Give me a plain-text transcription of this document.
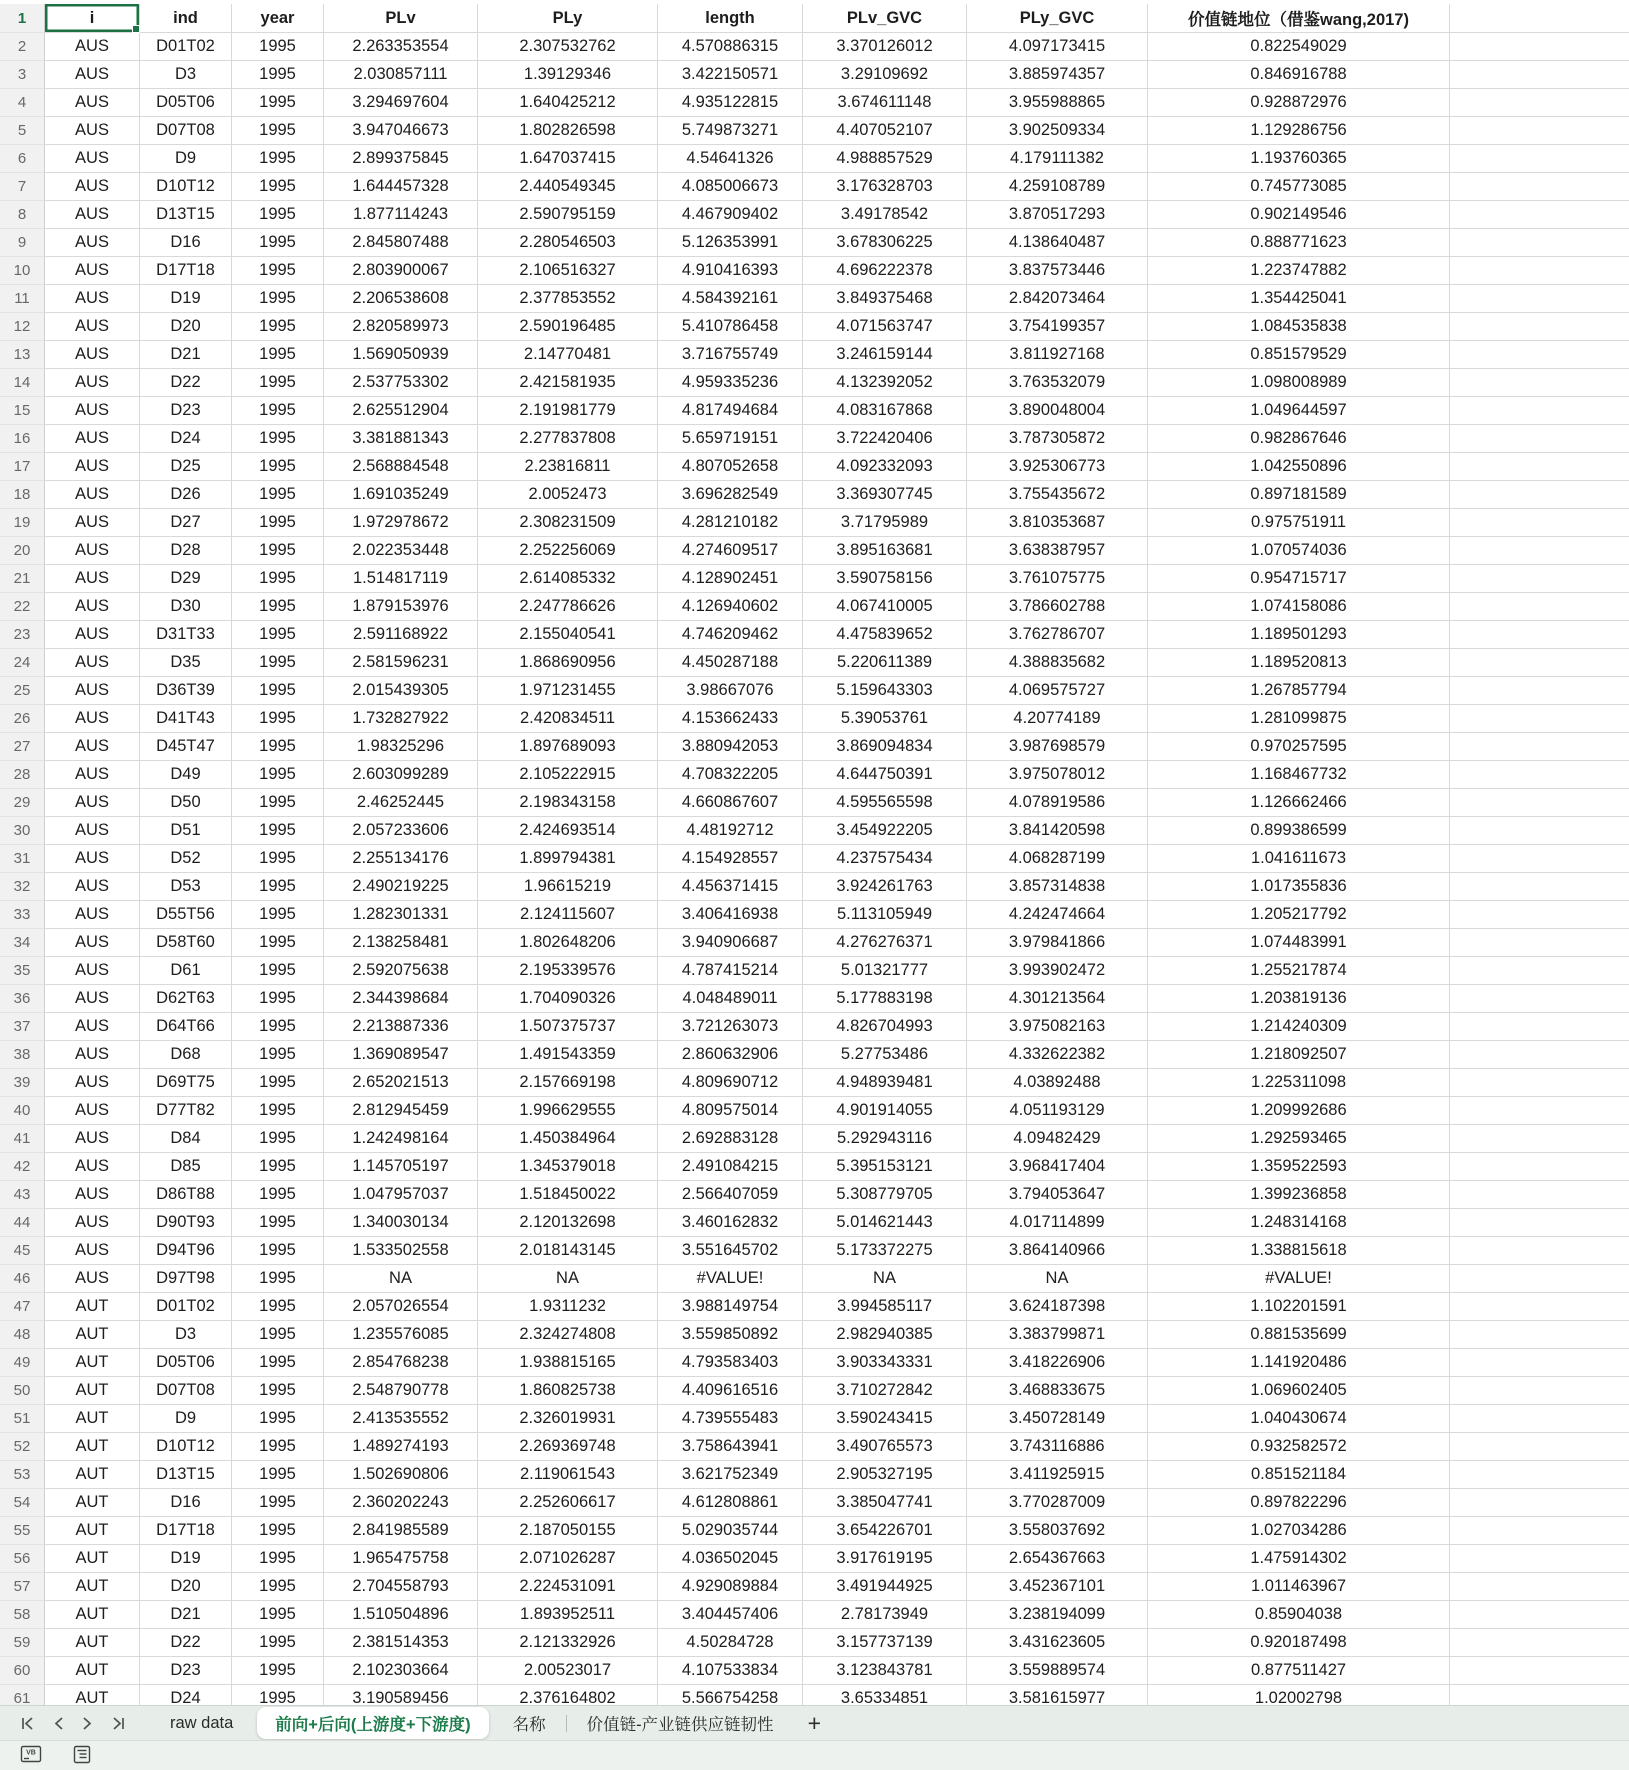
1	i	ind	year	PLv	PLy	length	PLv_GVC	PLy_GVC	价值链地位（借鉴wang,2017)
2	AUS	D01T02	1995	2.263353554	2.307532762	4.570886315	3.370126012	4.097173415	0.822549029
3	AUS	D3	1995	2.030857111	1.39129346	3.422150571	3.29109692	3.885974357	0.846916788
4	AUS	D05T06	1995	3.294697604	1.640425212	4.935122815	3.674611148	3.955988865	0.928872976
5	AUS	D07T08	1995	3.947046673	1.802826598	5.749873271	4.407052107	3.902509334	1.129286756
6	AUS	D9	1995	2.899375845	1.647037415	4.54641326	4.988857529	4.179111382	1.193760365
7	AUS	D10T12	1995	1.644457328	2.440549345	4.085006673	3.176328703	4.259108789	0.745773085
8	AUS	D13T15	1995	1.877114243	2.590795159	4.467909402	3.49178542	3.870517293	0.902149546
9	AUS	D16	1995	2.845807488	2.280546503	5.126353991	3.678306225	4.138640487	0.888771623
10	AUS	D17T18	1995	2.803900067	2.106516327	4.910416393	4.696222378	3.837573446	1.223747882
11	AUS	D19	1995	2.206538608	2.377853552	4.584392161	3.849375468	2.842073464	1.354425041
12	AUS	D20	1995	2.820589973	2.590196485	5.410786458	4.071563747	3.754199357	1.084535838
13	AUS	D21	1995	1.569050939	2.14770481	3.716755749	3.246159144	3.811927168	0.851579529
14	AUS	D22	1995	2.537753302	2.421581935	4.959335236	4.132392052	3.763532079	1.098008989
15	AUS	D23	1995	2.625512904	2.191981779	4.817494684	4.083167868	3.890048004	1.049644597
16	AUS	D24	1995	3.381881343	2.277837808	5.659719151	3.722420406	3.787305872	0.982867646
17	AUS	D25	1995	2.568884548	2.23816811	4.807052658	4.092332093	3.925306773	1.042550896
18	AUS	D26	1995	1.691035249	2.0052473	3.696282549	3.369307745	3.755435672	0.897181589
19	AUS	D27	1995	1.972978672	2.308231509	4.281210182	3.71795989	3.810353687	0.975751911
20	AUS	D28	1995	2.022353448	2.252256069	4.274609517	3.895163681	3.638387957	1.070574036
21	AUS	D29	1995	1.514817119	2.614085332	4.128902451	3.590758156	3.761075775	0.954715717
22	AUS	D30	1995	1.879153976	2.247786626	4.126940602	4.067410005	3.786602788	1.074158086
23	AUS	D31T33	1995	2.591168922	2.155040541	4.746209462	4.475839652	3.762786707	1.189501293
24	AUS	D35	1995	2.581596231	1.868690956	4.450287188	5.220611389	4.388835682	1.189520813
25	AUS	D36T39	1995	2.015439305	1.971231455	3.98667076	5.159643303	4.069575727	1.267857794
26	AUS	D41T43	1995	1.732827922	2.420834511	4.153662433	5.39053761	4.20774189	1.281099875
27	AUS	D45T47	1995	1.98325296	1.897689093	3.880942053	3.869094834	3.987698579	0.970257595
28	AUS	D49	1995	2.603099289	2.105222915	4.708322205	4.644750391	3.975078012	1.168467732
29	AUS	D50	1995	2.46252445	2.198343158	4.660867607	4.595565598	4.078919586	1.126662466
30	AUS	D51	1995	2.057233606	2.424693514	4.48192712	3.454922205	3.841420598	0.899386599
31	AUS	D52	1995	2.255134176	1.899794381	4.154928557	4.237575434	4.068287199	1.041611673
32	AUS	D53	1995	2.490219225	1.96615219	4.456371415	3.924261763	3.857314838	1.017355836
33	AUS	D55T56	1995	1.282301331	2.124115607	3.406416938	5.113105949	4.242474664	1.205217792
34	AUS	D58T60	1995	2.138258481	1.802648206	3.940906687	4.276276371	3.979841866	1.074483991
35	AUS	D61	1995	2.592075638	2.195339576	4.787415214	5.01321777	3.993902472	1.255217874
36	AUS	D62T63	1995	2.344398684	1.704090326	4.048489011	5.177883198	4.301213564	1.203819136
37	AUS	D64T66	1995	2.213887336	1.507375737	3.721263073	4.826704993	3.975082163	1.214240309
38	AUS	D68	1995	1.369089547	1.491543359	2.860632906	5.27753486	4.332622382	1.218092507
39	AUS	D69T75	1995	2.652021513	2.157669198	4.809690712	4.948939481	4.03892488	1.225311098
40	AUS	D77T82	1995	2.812945459	1.996629555	4.809575014	4.901914055	4.051193129	1.209992686
41	AUS	D84	1995	1.242498164	1.450384964	2.692883128	5.292943116	4.09482429	1.292593465
42	AUS	D85	1995	1.145705197	1.345379018	2.491084215	5.395153121	3.968417404	1.359522593
43	AUS	D86T88	1995	1.047957037	1.518450022	2.566407059	5.308779705	3.794053647	1.399236858
44	AUS	D90T93	1995	1.340030134	2.120132698	3.460162832	5.014621443	4.017114899	1.248314168
45	AUS	D94T96	1995	1.533502558	2.018143145	3.551645702	5.173372275	3.864140966	1.338815618
46	AUS	D97T98	1995	NA	NA	#VALUE!	NA	NA	#VALUE!
47	AUT	D01T02	1995	2.057026554	1.9311232	3.988149754	3.994585117	3.624187398	1.102201591
48	AUT	D3	1995	1.235576085	2.324274808	3.559850892	2.982940385	3.383799871	0.881535699
49	AUT	D05T06	1995	2.854768238	1.938815165	4.793583403	3.903343331	3.418226906	1.141920486
50	AUT	D07T08	1995	2.548790778	1.860825738	4.409616516	3.710272842	3.468833675	1.069602405
51	AUT	D9	1995	2.413535552	2.326019931	4.739555483	3.590243415	3.450728149	1.040430674
52	AUT	D10T12	1995	1.489274193	2.269369748	3.758643941	3.490765573	3.743116886	0.932582572
53	AUT	D13T15	1995	1.502690806	2.119061543	3.621752349	2.905327195	3.411925915	0.851521184
54	AUT	D16	1995	2.360202243	2.252606617	4.612808861	3.385047741	3.770287009	0.897822296
55	AUT	D17T18	1995	2.841985589	2.187050155	5.029035744	3.654226701	3.558037692	1.027034286
56	AUT	D19	1995	1.965475758	2.071026287	4.036502045	3.917619195	2.654367663	1.475914302
57	AUT	D20	1995	2.704558793	2.224531091	4.929089884	3.491944925	3.452367101	1.011463967
58	AUT	D21	1995	1.510504896	1.893952511	3.404457406	2.78173949	3.238194099	0.85904038
59	AUT	D22	1995	2.381514353	2.121332926	4.50284728	3.157737139	3.431623605	0.920187498
60	AUT	D23	1995	2.102303664	2.00523017	4.107533834	3.123843781	3.559889574	0.877511427
61	AUT	D24	1995	3.190589456	2.376164802	5.566754258	3.65334851	3.581615977	1.02002798
raw data	前向+后向(上游度+下游度)	名称	价值链-产业链供应链韧性	+
VB
